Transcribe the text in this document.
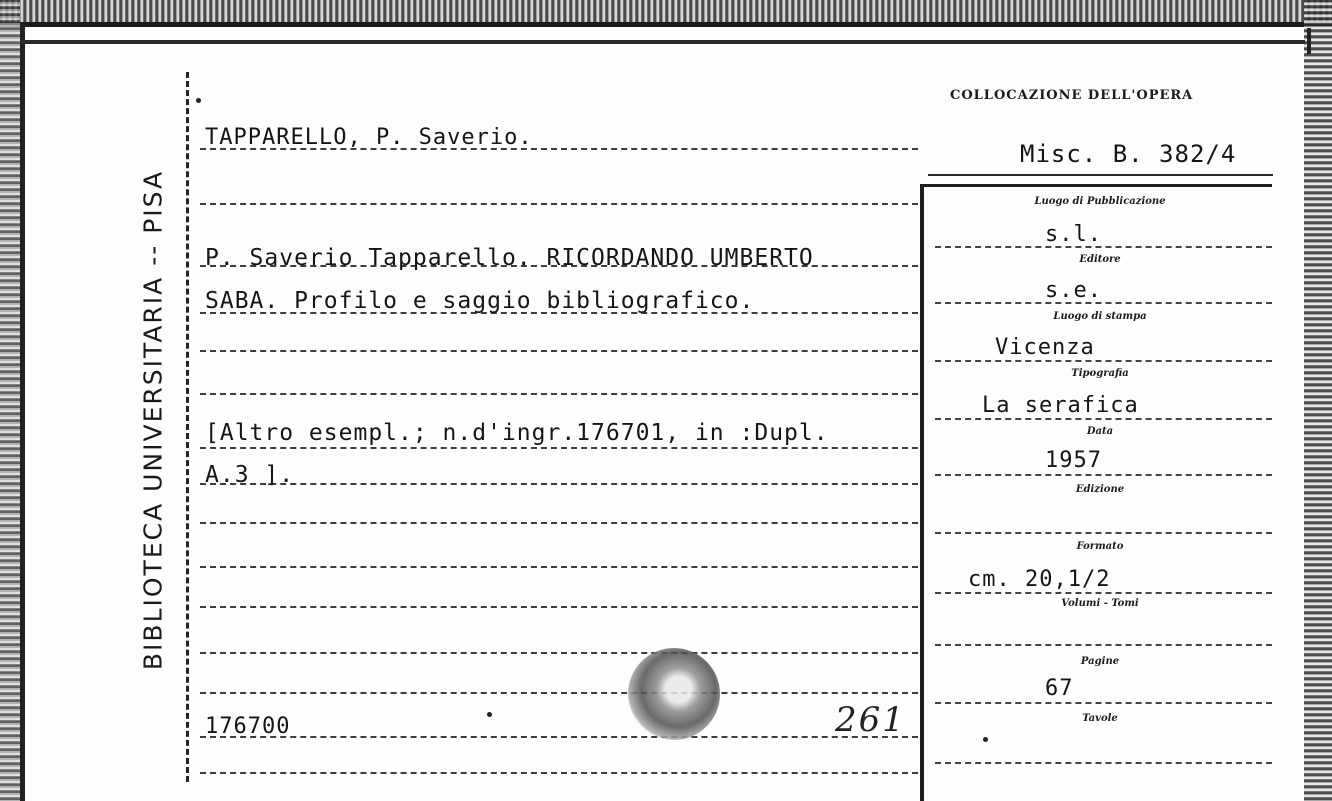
BIBLIOTECA UNIVERSITARIA -- PISA
TAPPARELLO, P. Saverio.
P. Saverio Tapparello. RICORDANDO UMBERTO
SABA. Profilo e saggio bibliografico.
[Altro esempl.; n.d'ingr.176701, in :Dupl.
A.3 ].
176700	261
COLLOCAZIONE DELL'OPERA
Misc. B. 382/4
Luogo di Pubblicazione
s.l.
Editore
s.e.
Luogo di stampa
Vicenza
Tipografia
La serafica
Data
1957
Edizione
Formato
cm. 20,1/2
Volumi - Tomi
Pagine
67
Tavole
